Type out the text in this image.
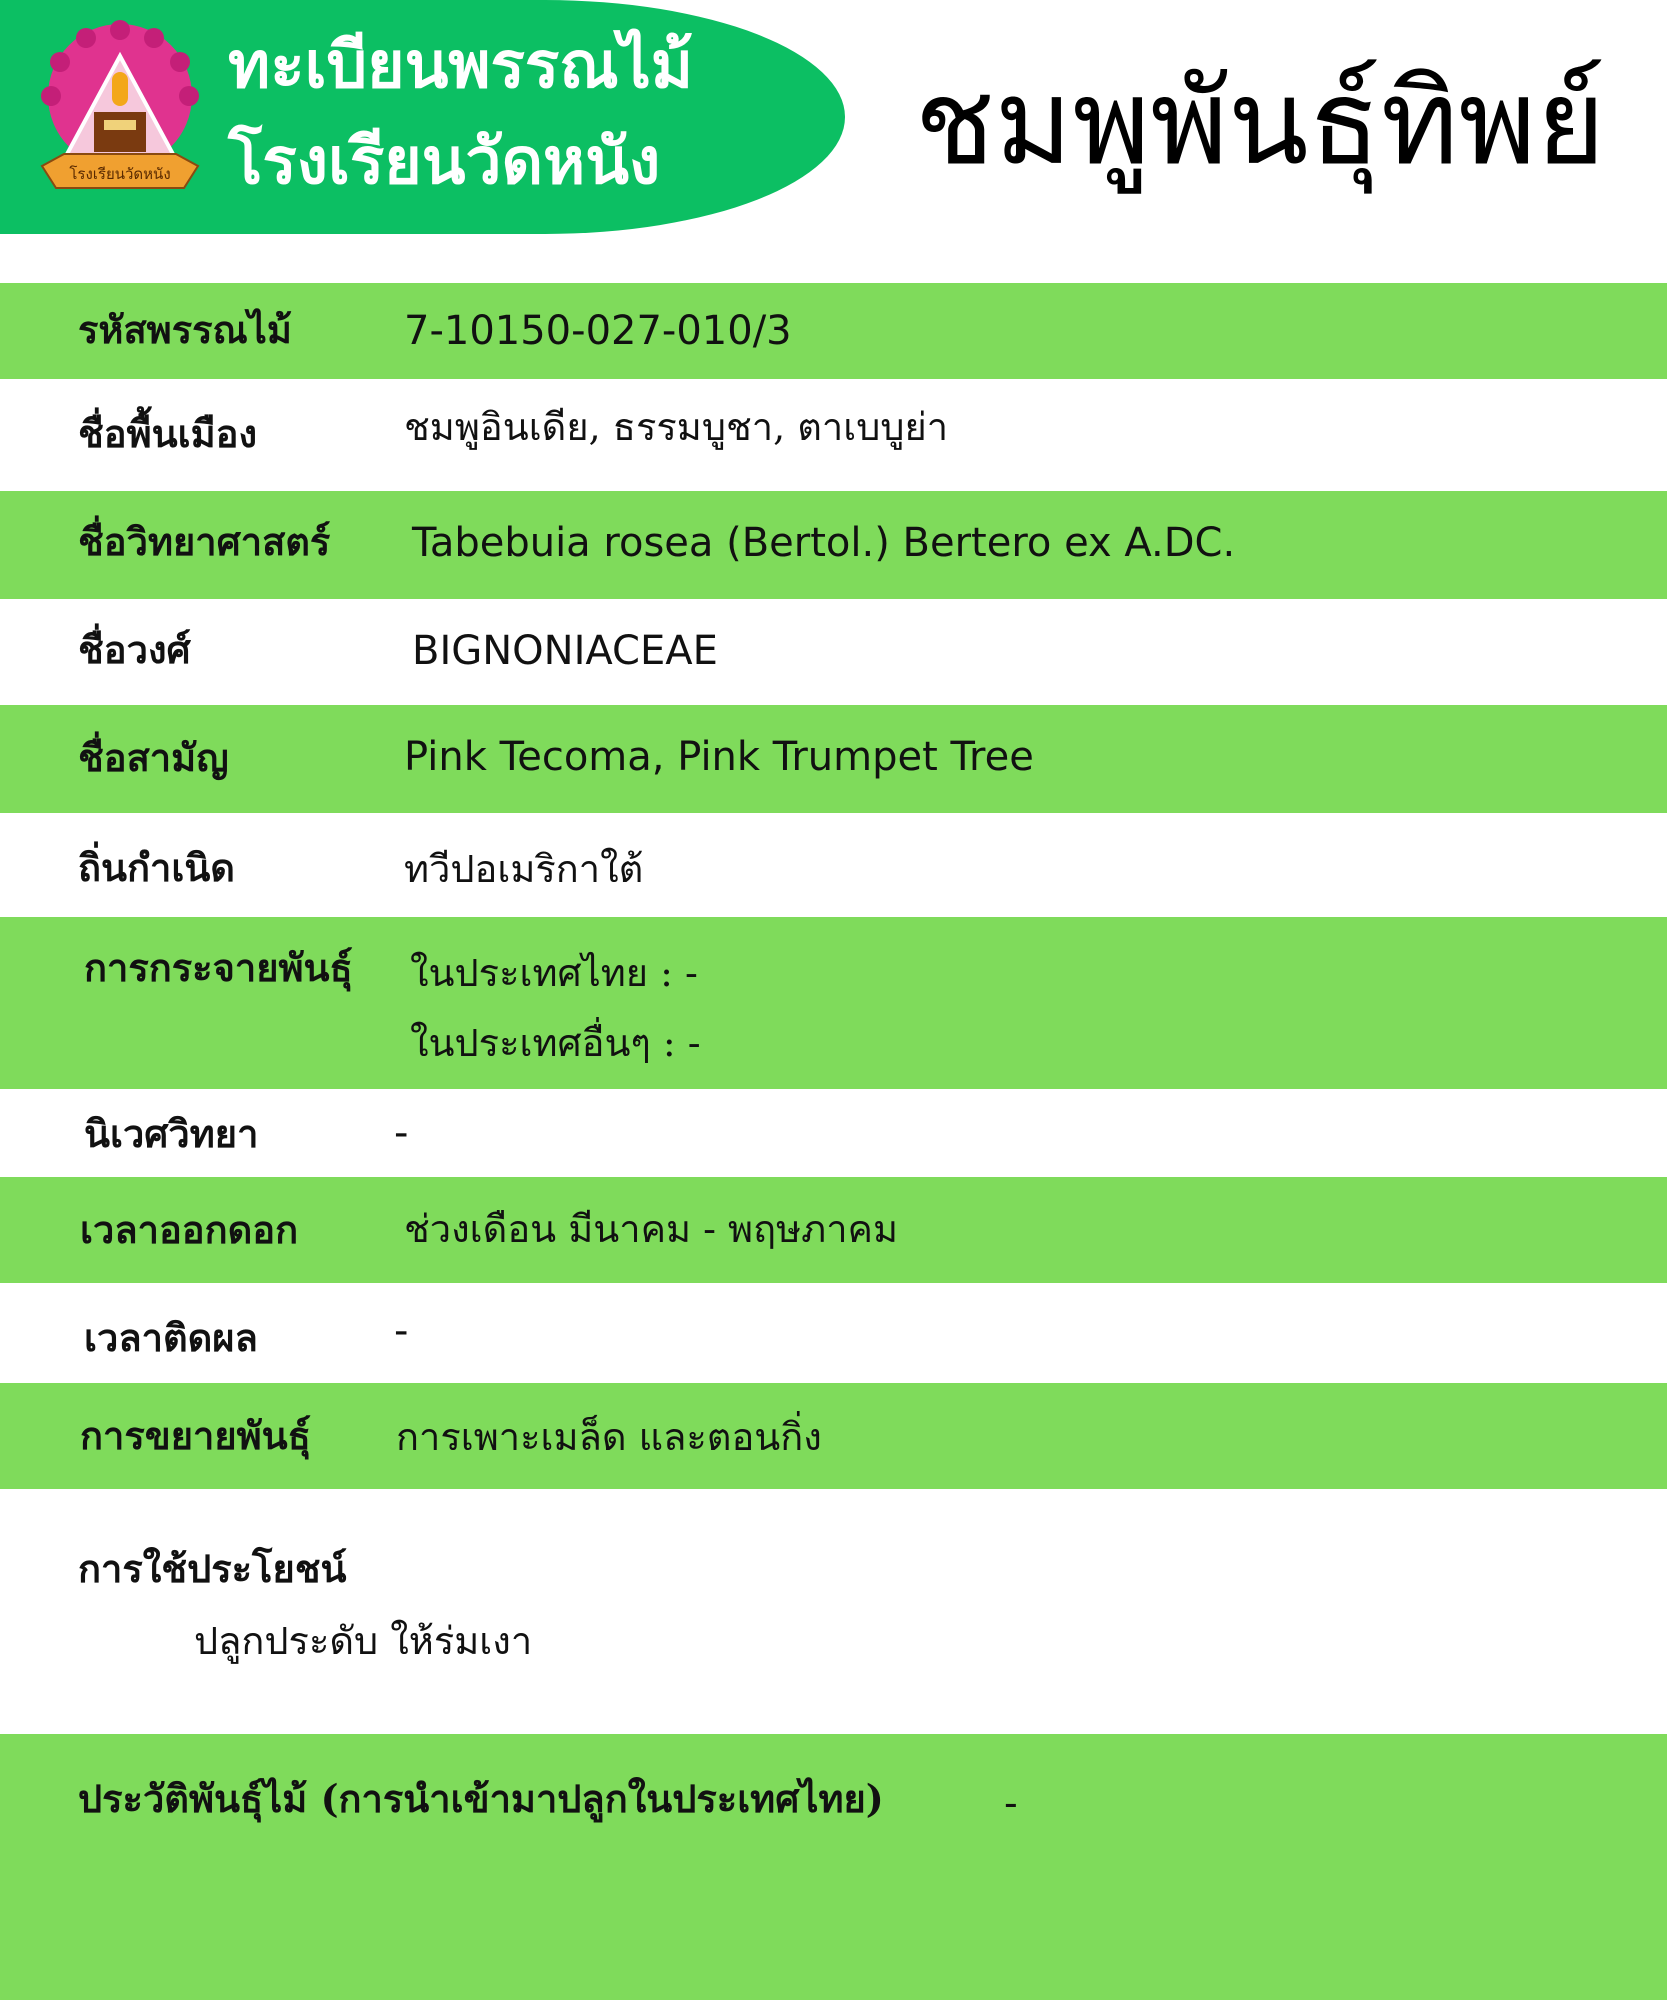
โรงเรียนวัดหนัง
ทะเบียนพรรณไม้
โรงเรียนวัดหนัง ชมพูพันธุ์ทิพย์
รหัสพรรณไม้	7-10150-027-010/3
ชื่อพื้นเมือง	ชมพูอินเดีย, ธรรมบูชา, ตาเบบูย่า
ชื่อวิทยาศาสตร์ Tabebuia rosea (Bertol.) Bertero ex A.DC.
ชื่อวงศ์	BIGNONIACEAE
ชื่อสามัญ	Pink Tecoma, Pink Trumpet Tree
ถิ่นกำเนิด	ทวีปอเมริกาใต้
การกระจายพันธุ์ ในประเทศไทย : -
ในประเทศอื่นๆ : -
นิเวศวิทยา	-
เวลาออกดอก	ช่วงเดือน มีนาคม - พฤษภาคม
เวลาติดผล	-
การขยายพันธุ์ การเพาะเมล็ด และตอนกิ่ง
การใช้ประโยชน์
ปลูกประดับ ให้ร่มเงา
ประวัติพันธุ์ไม้ (การนำเข้ามาปลูกในประเทศไทย)	-
